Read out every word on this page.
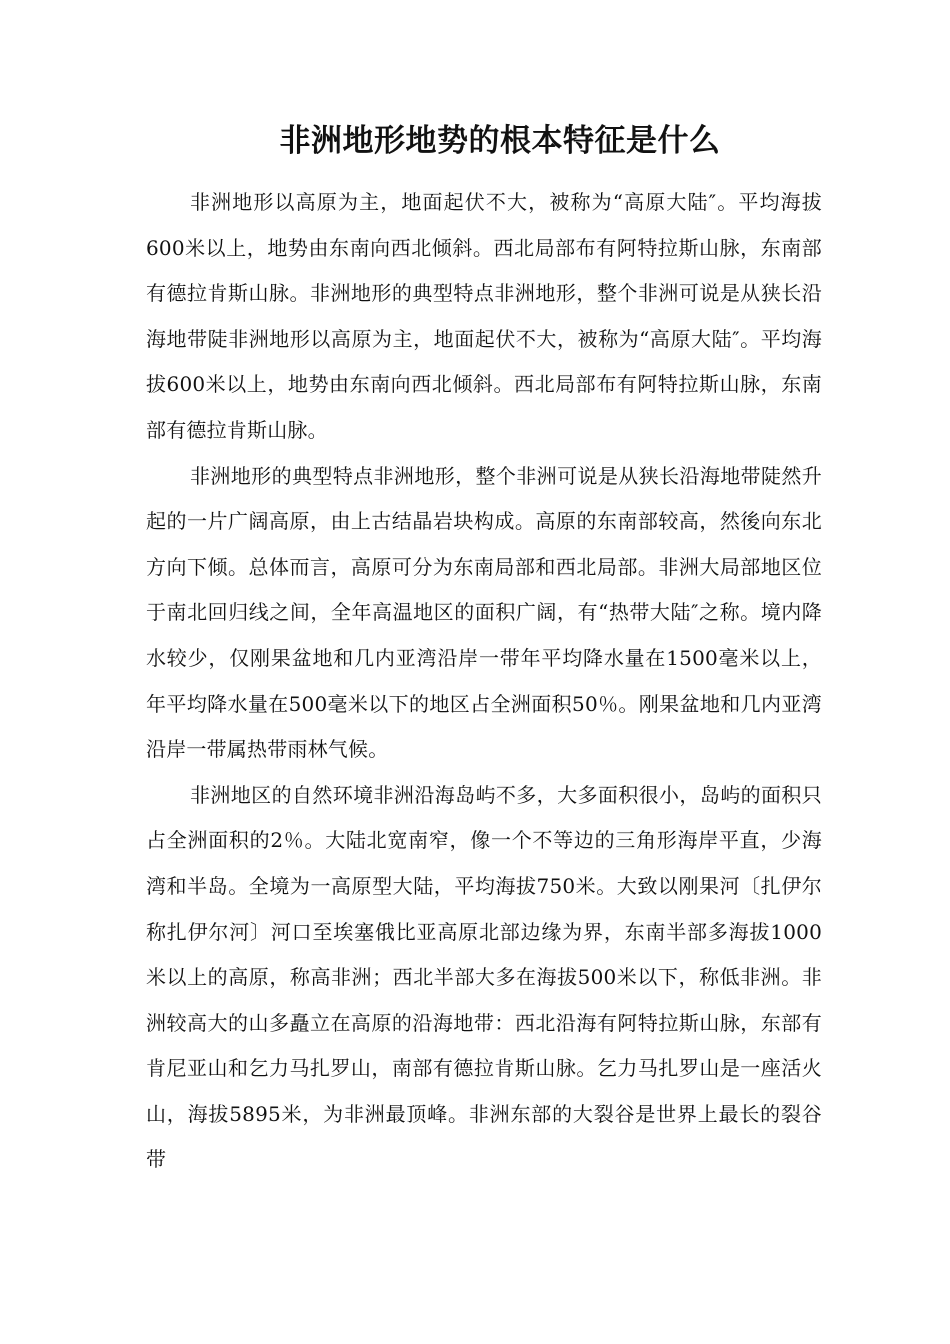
非洲地形地势的根本特征是什么

非洲地形以高原为主，地面起伏不大，被称为“高原大陆″。平均海拔600米以上，地势由东南向西北倾斜。西北局部布有阿特拉斯山脉，东南部有德拉肯斯山脉。非洲地形的典型特点非洲地形，整个非洲可说是从狭长沿海地带陡非洲地形以高原为主，地面起伏不大，被称为“高原大陆″。平均海拔600米以上，地势由东南向西北倾斜。西北局部布有阿特拉斯山脉，东南部有德拉肯斯山脉。

非洲地形的典型特点非洲地形，整个非洲可说是从狭长沿海地带陡然升起的一片广阔高原，由上古结晶岩块构成。高原的东南部较高，然後向东北方向下倾。总体而言，高原可分为东南局部和西北局部。非洲大局部地区位于南北回归线之间，全年高温地区的面积广阔，有“热带大陆″之称。境内降水较少，仅刚果盆地和几内亚湾沿岸一带年平均降水量在1500毫米以上，年平均降水量在500毫米以下的地区占全洲面积50％。刚果盆地和几内亚湾沿岸一带属热带雨林气候。

非洲地区的自然环境非洲沿海岛屿不多，大多面积很小，岛屿的面积只占全洲面积的2％。大陆北宽南窄，像一个不等边的三角形海岸平直，少海湾和半岛。全境为一高原型大陆，平均海拔750米。大致以刚果河〔扎伊尔称扎伊尔河〕河口至埃塞俄比亚高原北部边缘为界，东南半部多海拔1000米以上的高原，称高非洲；西北半部大多在海拔500米以下，称低非洲。非洲较高大的山多矗立在高原的沿海地带：西北沿海有阿特拉斯山脉，东部有肯尼亚山和乞力马扎罗山，南部有德拉肯斯山脉。乞力马扎罗山是一座活火山，海拔5895米，为非洲最顶峰。非洲东部的大裂谷是世界上最长的裂谷带
